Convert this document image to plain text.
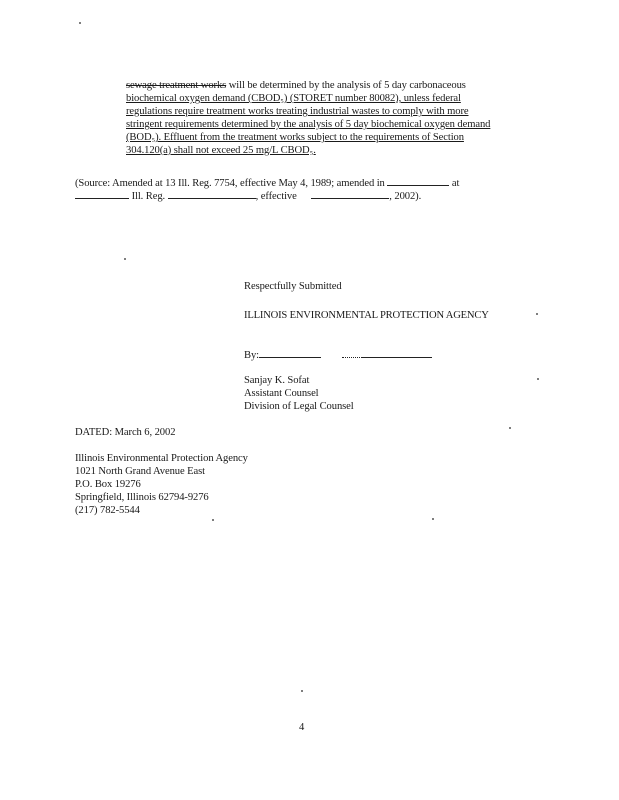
sewage treatment works will be determined by the analysis of 5 day carbonaceous
biochemical oxygen demand (CBOD₅) (STORET number 80082), unless federal
regulations require treatment works treating industrial wastes to comply with more
stringent requirements determined by the analysis of 5 day biochemical oxygen demand
(BOD₅). Effluent from the treatment works subject to the requirements of Section
304.120(a) shall not exceed 25 mg/L CBOD₅.
(Source: Amended at 13 Ill. Reg. 7754, effective May 4, 1989; amended in	at
Ill. Reg.	, effective	, 2002).
Respectfully Submitted
ILLINOIS ENVIRONMENTAL PROTECTION AGENCY
By:
Sanjay K. Sofat
Assistant Counsel
Division of Legal Counsel
DATED: March 6, 2002
Illinois Environmental Protection Agency
1021 North Grand Avenue East
P.O. Box 19276
Springfield, Illinois 62794-9276
(217) 782-5544
4
